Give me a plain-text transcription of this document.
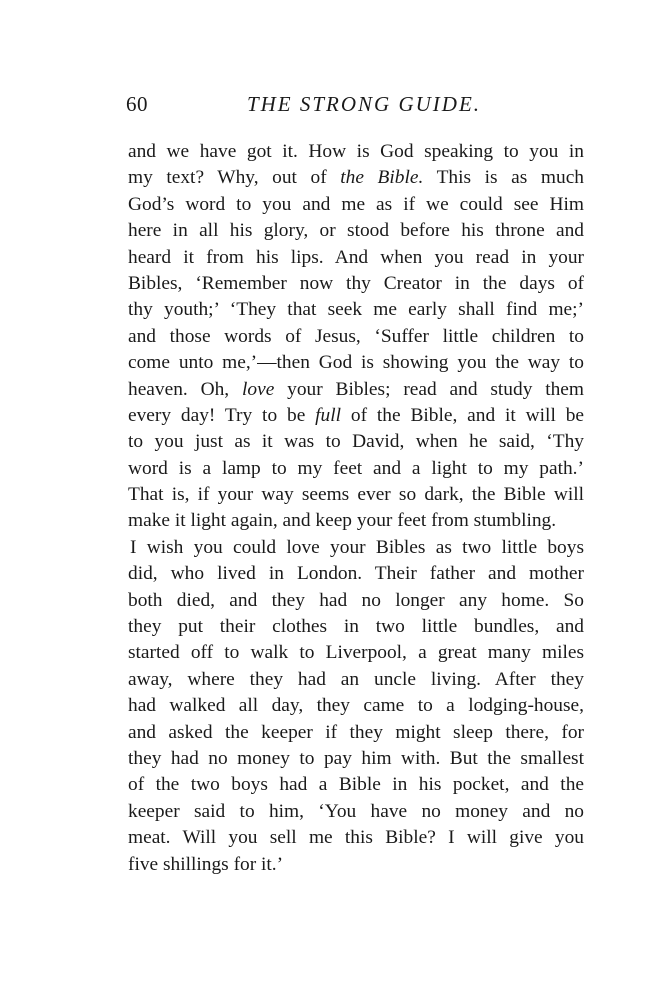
60	THE STRONG GUIDE.
and we have got it. How is God speaking to you in
my text? Why, out of the Bible. This is as much
God’s word to you and me as if we could see Him
here in all his glory, or stood before his throne and
heard it from his lips. And when you read in your
Bibles, ‘Remember now thy Creator in the days of
thy youth;’ ‘They that seek me early shall find me;’
and those words of Jesus, ‘Suffer little children to
come unto me,’—then God is showing you the way to
heaven. Oh, love your Bibles; read and study them
every day! Try to be full of the Bible, and it will be
to you just as it was to David, when he said, ‘Thy
word is a lamp to my feet and a light to my path.’
That is, if your way seems ever so dark, the Bible will
make it light again, and keep your feet from stumbling.
I wish you could love your Bibles as two little boys
did, who lived in London. Their father and mother
both died, and they had no longer any home. So
they put their clothes in two little bundles, and
started off to walk to Liverpool, a great many miles
away, where they had an uncle living. After they
had walked all day, they came to a lodging-house,
and asked the keeper if they might sleep there, for
they had no money to pay him with. But the smallest
of the two boys had a Bible in his pocket, and the
keeper said to him, ‘You have no money and no
meat. Will you sell me this Bible? I will give you
five shillings for it.’
